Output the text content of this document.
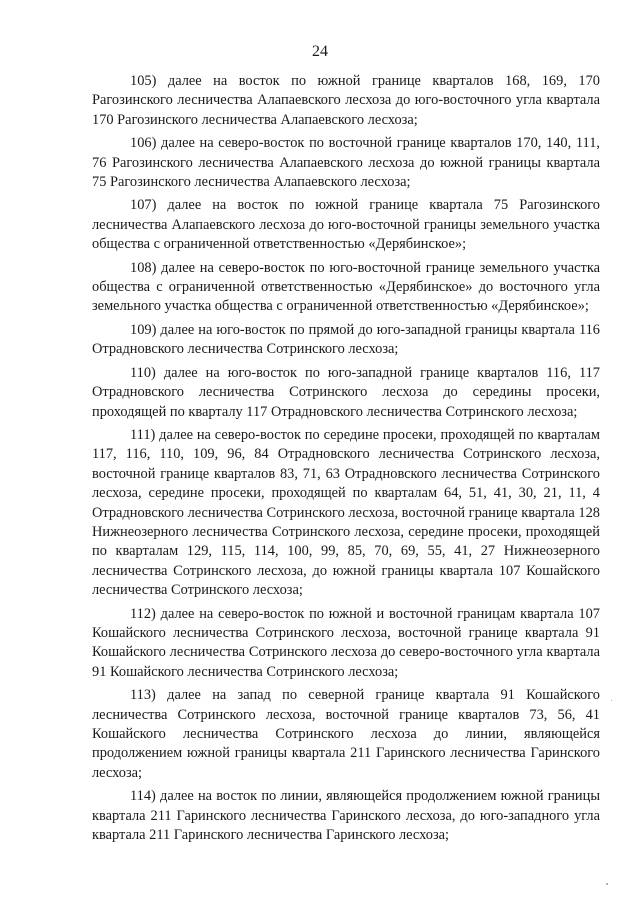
24

105) далее на восток по южной границе кварталов 168, 169, 170 Рагозинского лесничества Алапаевского лесхоза до юго-восточного угла квартала 170 Рагозинского лесничества Алапаевского лесхоза;

106) далее на северо-восток по восточной границе кварталов 170, 140, 111, 76 Рагозинского лесничества Алапаевского лесхоза до южной границы квартала 75 Рагозинского лесничества Алапаевского лесхоза;

107) далее на восток по южной границе квартала 75 Рагозинского лесничества Алапаевского лесхоза до юго-восточной границы земельного участка общества с ограниченной ответственностью «Дерябинское»;

108) далее на северо-восток по юго-восточной границе земельного участка общества с ограниченной ответственностью «Дерябинское» до восточного угла земельного участка общества с ограниченной ответственностью «Дерябинское»;

109) далее на юго-восток по прямой до юго-западной границы квартала 116 Отрадновского лесничества Сотринского лесхоза;

110) далее на юго-восток по юго-западной границе кварталов 116, 117 Отрадновского лесничества Сотринского лесхоза до середины просеки, проходящей по кварталу 117 Отрадновского лесничества Сотринского лесхоза;

111) далее на северо-восток по середине просеки, проходящей по кварталам 117, 116, 110, 109, 96, 84 Отрадновского лесничества Сотринского лесхоза, восточной границе кварталов 83, 71, 63 Отрадновского лесничества Сотринского лесхоза, середине просеки, проходящей по кварталам 64, 51, 41, 30, 21, 11, 4 Отрадновского лесничества Сотринского лесхоза, восточной границе квартала 128 Нижнеозерного лесничества Сотринского лесхоза, середине просеки, проходящей по кварталам 129, 115, 114, 100, 99, 85, 70, 69, 55, 41, 27 Нижнеозерного лесничества Сотринского лесхоза, до южной границы квартала 107 Кошайского лесничества Сотринского лесхоза;

112) далее на северо-восток по южной и восточной границам квартала 107 Кошайского лесничества Сотринского лесхоза, восточной границе квартала 91 Кошайского лесничества Сотринского лесхоза до северо-восточного угла квартала 91 Кошайского лесничества Сотринского лесхоза;

113) далее на запад по северной границе квартала 91 Кошайского лесничества Сотринского лесхоза, восточной границе кварталов 73, 56, 41 Кошайского лесничества Сотринского лесхоза до линии, являющейся продолжением южной границы квартала 211 Гаринского лесничества Гаринского лесхоза;

114) далее на восток по линии, являющейся продолжением южной границы квартала 211 Гаринского лесничества Гаринского лесхоза, до юго-западного угла квартала 211 Гаринского лесничества Гаринского лесхоза;
